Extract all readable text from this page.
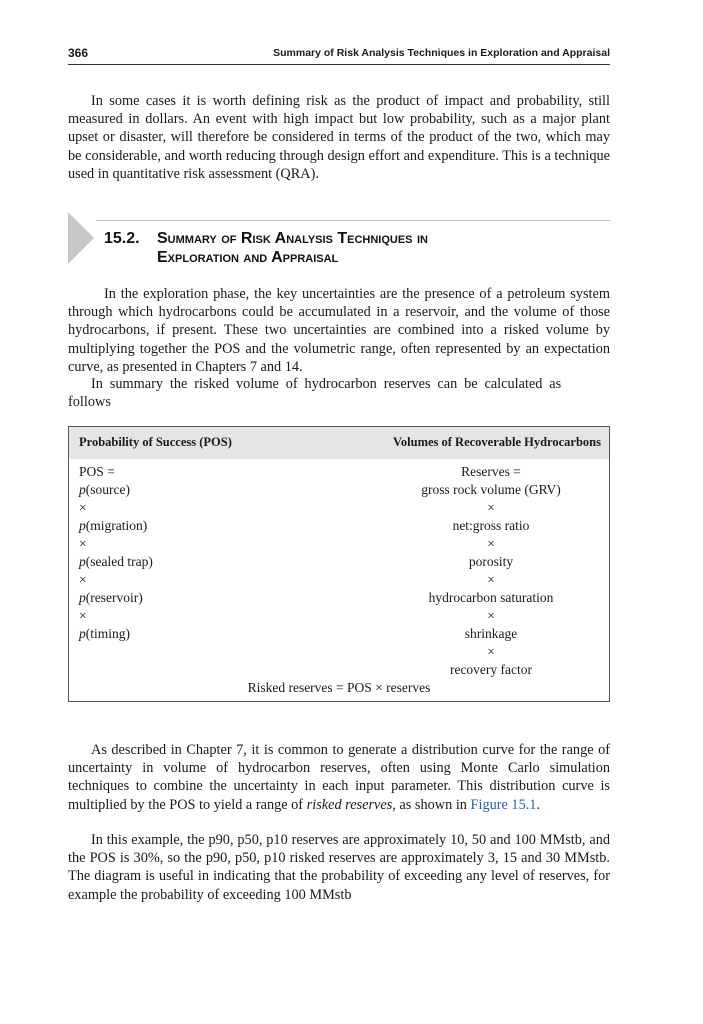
366	Summary of Risk Analysis Techniques in Exploration and Appraisal

In some cases it is worth defining risk as the product of impact and probability, still measured in dollars. An event with high impact but low probability, such as a major plant upset or disaster, will therefore be considered in terms of the product of the two, which may be considerable, and worth reducing through design effort and expenditure. This is a technique used in quantitative risk assessment (QRA).

15.2. Summary of Risk Analysis Techniques in
Exploration and Appraisal

In the exploration phase, the key uncertainties are the presence of a petroleum system through which hydrocarbons could be accumulated in a reservoir, and the volume of those hydrocarbons, if present. These two uncertainties are combined into a risked volume by multiplying together the POS and the volumetric range, often represented by an expectation curve, as presented in Chapters 7 and 14.

In summary the risked volume of hydrocarbon reserves can be calculated as follows

Probability of Success (POS)	Volumes of Recoverable Hydrocarbons
POS =
p(source)
×
p(migration)
×
p(sealed trap)
×
p(reservoir)
×
p(timing)
Reserves =
gross rock volume (GRV)
×
net:gross ratio
×
porosity
×
hydrocarbon saturation
×
shrinkage
×
recovery factor
Risked reserves = POS × reserves

As described in Chapter 7, it is common to generate a distribution curve for the range of uncertainty in volume of hydrocarbon reserves, often using Monte Carlo simulation techniques to combine the uncertainty in each input parameter. This distribution curve is multiplied by the POS to yield a range of risked reserves, as shown in Figure 15.1.

In this example, the p90, p50, p10 reserves are approximately 10, 50 and 100 MMstb, and the POS is 30%, so the p90, p50, p10 risked reserves are approximately 3, 15 and 30 MMstb. The diagram is useful in indicating that the probability of exceeding any level of reserves, for example the probability of exceeding 100 MMstb
